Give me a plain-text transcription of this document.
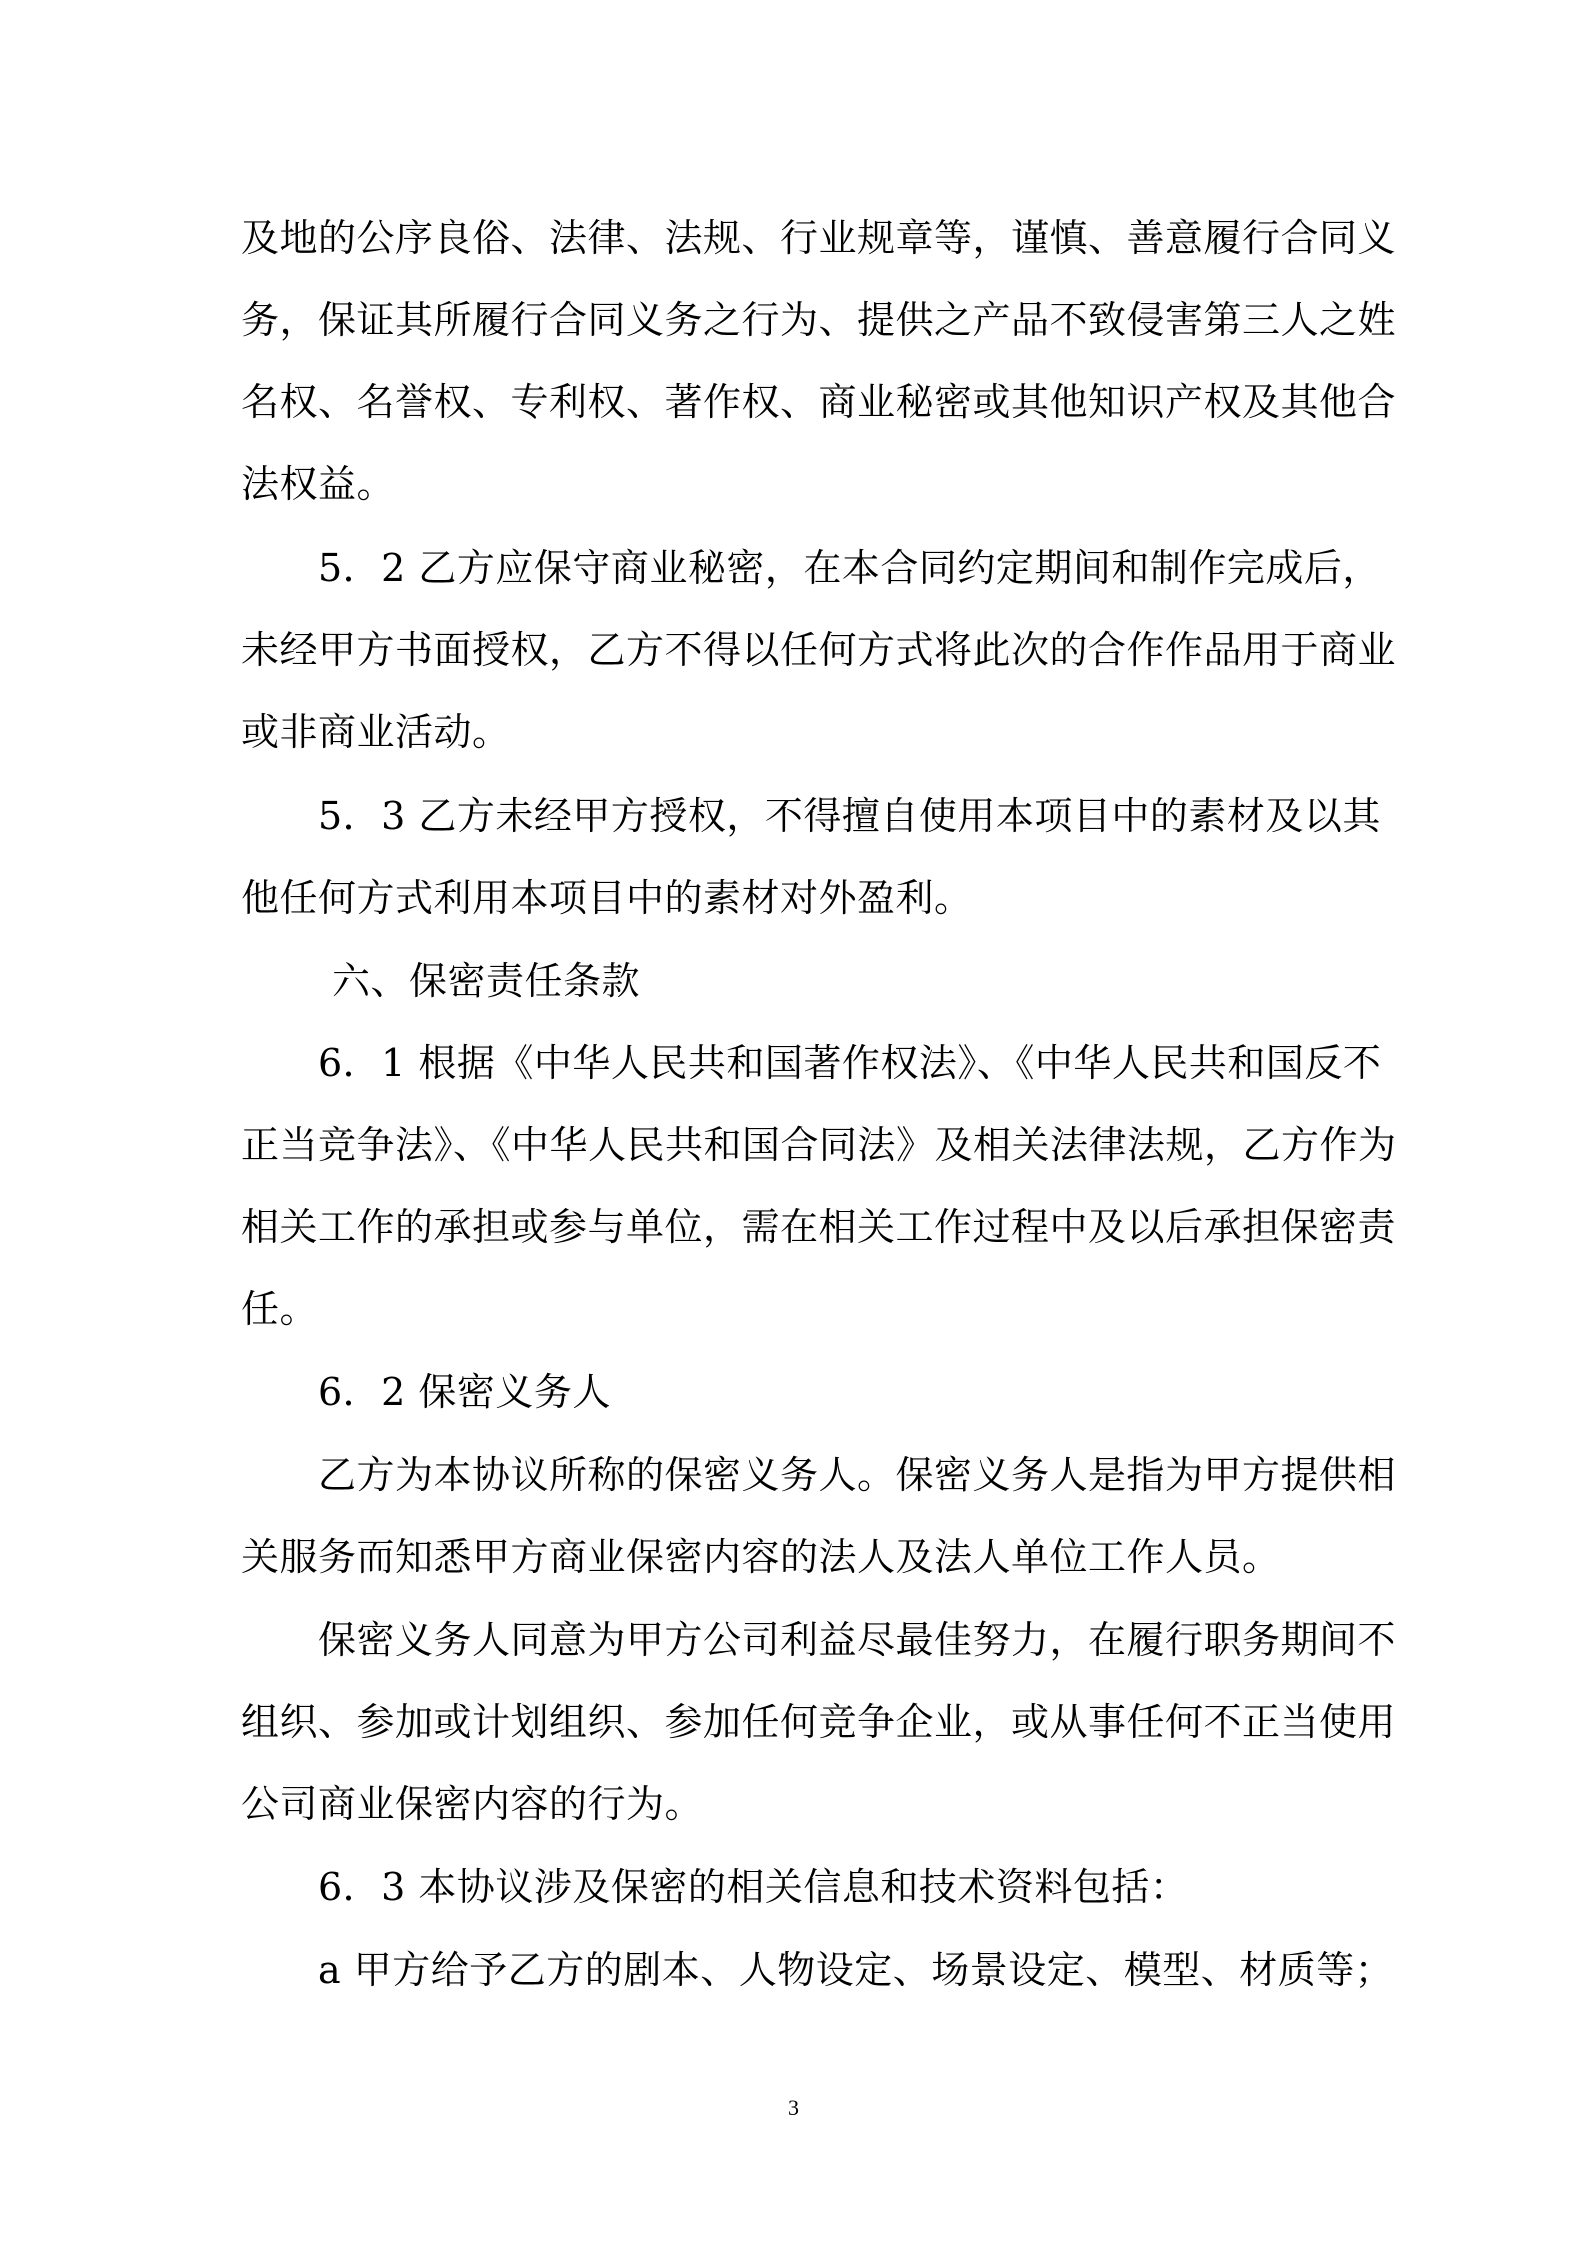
及地的公序良俗、法律、法规、行业规章等，谨慎、善意履行合同义
务，保证其所履行合同义务之行为、提供之产品不致侵害第三人之姓
名权、名誉权、专利权、著作权、商业秘密或其他知识产权及其他合
法权益。
5．2 乙方应保守商业秘密，在本合同约定期间和制作完成后，
未经甲方书面授权，乙方不得以任何方式将此次的合作作品用于商业
或非商业活动。
5．3 乙方未经甲方授权，不得擅自使用本项目中的素材及以其
他任何方式利用本项目中的素材对外盈利。
六、保密责任条款
6．1 根据《中华人民共和国著作权法》、《中华人民共和国反不
正当竞争法》、《中华人民共和国合同法》及相关法律法规，乙方作为
相关工作的承担或参与单位，需在相关工作过程中及以后承担保密责
任。
6．2 保密义务人
乙方为本协议所称的保密义务人。保密义务人是指为甲方提供相
关服务而知悉甲方商业保密内容的法人及法人单位工作人员。
保密义务人同意为甲方公司利益尽最佳努力，在履行职务期间不
组织、参加或计划组织、参加任何竞争企业，或从事任何不正当使用
公司商业保密内容的行为。
6．3 本协议涉及保密的相关信息和技术资料包括：
a 甲方给予乙方的剧本、人物设定、场景设定、模型、材质等；
3
